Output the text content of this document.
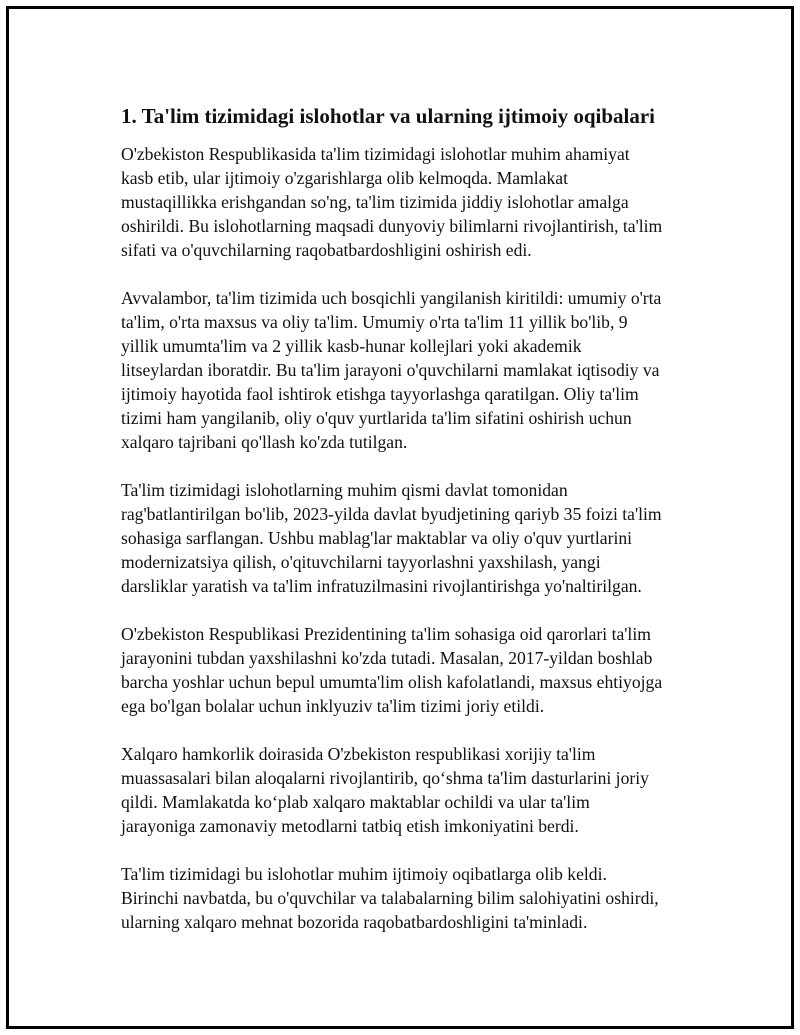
1. Ta'lim tizimidagi islohotlar va ularning ijtimoiy oqibalari

O'zbekiston Respublikasida ta'lim tizimidagi islohotlar muhim ahamiyat
kasb etib, ular ijtimoiy o'zgarishlarga olib kelmoqda. Mamlakat
mustaqillikka erishgandan so'ng, ta'lim tizimida jiddiy islohotlar amalga
oshirildi. Bu islohotlarning maqsadi dunyoviy bilimlarni rivojlantirish, ta'lim
sifati va o'quvchilarning raqobatbardoshligini oshirish edi.

Avvalambor, ta'lim tizimida uch bosqichli yangilanish kiritildi: umumiy o'rta
ta'lim, o'rta maxsus va oliy ta'lim. Umumiy o'rta ta'lim 11 yillik bo'lib, 9
yillik umumta'lim va 2 yillik kasb-hunar kollejlari yoki akademik
litseylardan iboratdir. Bu ta'lim jarayoni o'quvchilarni mamlakat iqtisodiy va
ijtimoiy hayotida faol ishtirok etishga tayyorlashga qaratilgan. Oliy ta'lim
tizimi ham yangilanib, oliy o'quv yurtlarida ta'lim sifatini oshirish uchun
xalqaro tajribani qo'llash ko'zda tutilgan.

Ta'lim tizimidagi islohotlarning muhim qismi davlat tomonidan
rag'batlantirilgan bo'lib, 2023-yilda davlat byudjetining qariyb 35 foizi ta'lim
sohasiga sarflangan. Ushbu mablag'lar maktablar va oliy o'quv yurtlarini
modernizatsiya qilish, o'qituvchilarni tayyorlashni yaxshilash, yangi
darsliklar yaratish va ta'lim infratuzilmasini rivojlantirishga yo'naltirilgan.

O'zbekiston Respublikasi Prezidentining ta'lim sohasiga oid qarorlari ta'lim
jarayonini tubdan yaxshilashni ko'zda tutadi. Masalan, 2017-yildan boshlab
barcha yoshlar uchun bepul umumta'lim olish kafolatlandi, maxsus ehtiyojga
ega bo'lgan bolalar uchun inklyuziv ta'lim tizimi joriy etildi.

Xalqaro hamkorlik doirasida O'zbekiston respublikasi xorijiy ta'lim
muassasalari bilan aloqalarni rivojlantirib, qo‘shma ta'lim dasturlarini joriy
qildi. Mamlakatda ko‘plab xalqaro maktablar ochildi va ular ta'lim
jarayoniga zamonaviy metodlarni tatbiq etish imkoniyatini berdi.

Ta'lim tizimidagi bu islohotlar muhim ijtimoiy oqibatlarga olib keldi.
Birinchi navbatda, bu o'quvchilar va talabalarning bilim salohiyatini oshirdi,
ularning xalqaro mehnat bozorida raqobatbardoshligini ta'minladi.
